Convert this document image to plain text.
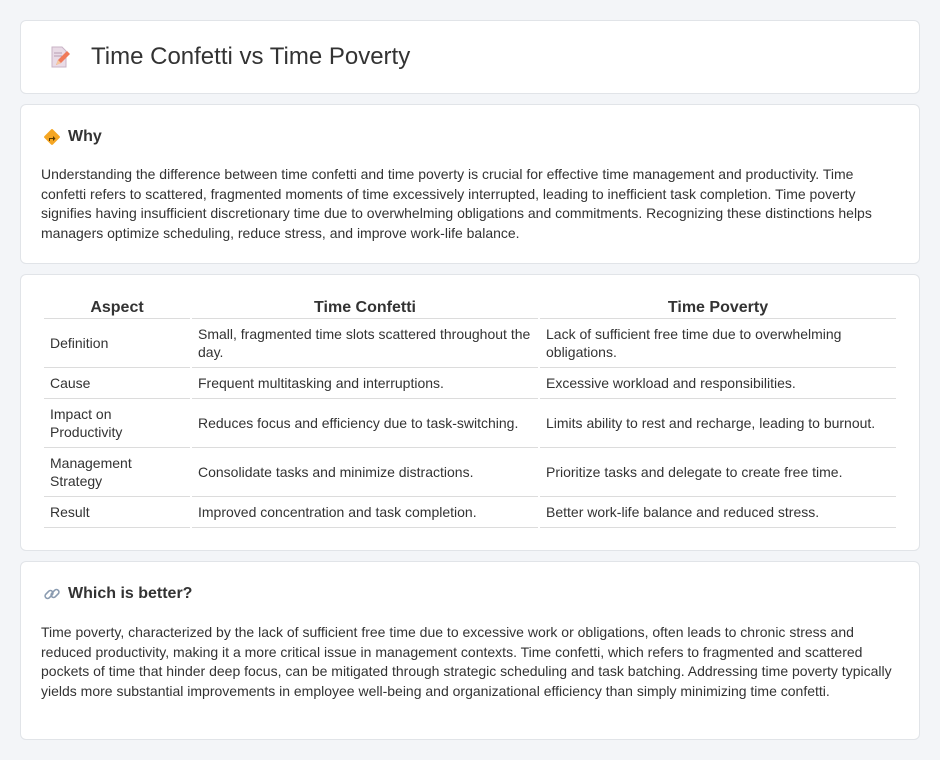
Time Confetti vs Time Poverty
Why

Understanding the difference between time confetti and time poverty is crucial for effective time management and productivity. Time confetti refers to scattered, fragmented moments of time excessively interrupted, leading to inefficient task completion. Time poverty signifies having insufficient discretionary time due to overwhelming obligations and commitments. Recognizing these distinctions helps managers optimize scheduling, reduce stress, and improve work-life balance.

Aspect	Time Confetti	Time Poverty
Definition	Small, fragmented time slots scattered throughout the day.	Lack of sufficient free time due to overwhelming obligations.
Cause	Frequent multitasking and interruptions.	Excessive workload and responsibilities.
Impact on Productivity	Reduces focus and efficiency due to task-switching.	Limits ability to rest and recharge, leading to burnout.
Management Strategy	Consolidate tasks and minimize distractions.	Prioritize tasks and delegate to create free time.
Result	Improved concentration and task completion.	Better work-life balance and reduced stress.
Which is better?

Time poverty, characterized by the lack of sufficient free time due to excessive work or obligations, often leads to chronic stress and reduced productivity, making it a more critical issue in management contexts. Time confetti, which refers to fragmented and scattered pockets of time that hinder deep focus, can be mitigated through strategic scheduling and task batching. Addressing time poverty typically yields more substantial improvements in employee well-being and organizational efficiency than simply minimizing time confetti.
